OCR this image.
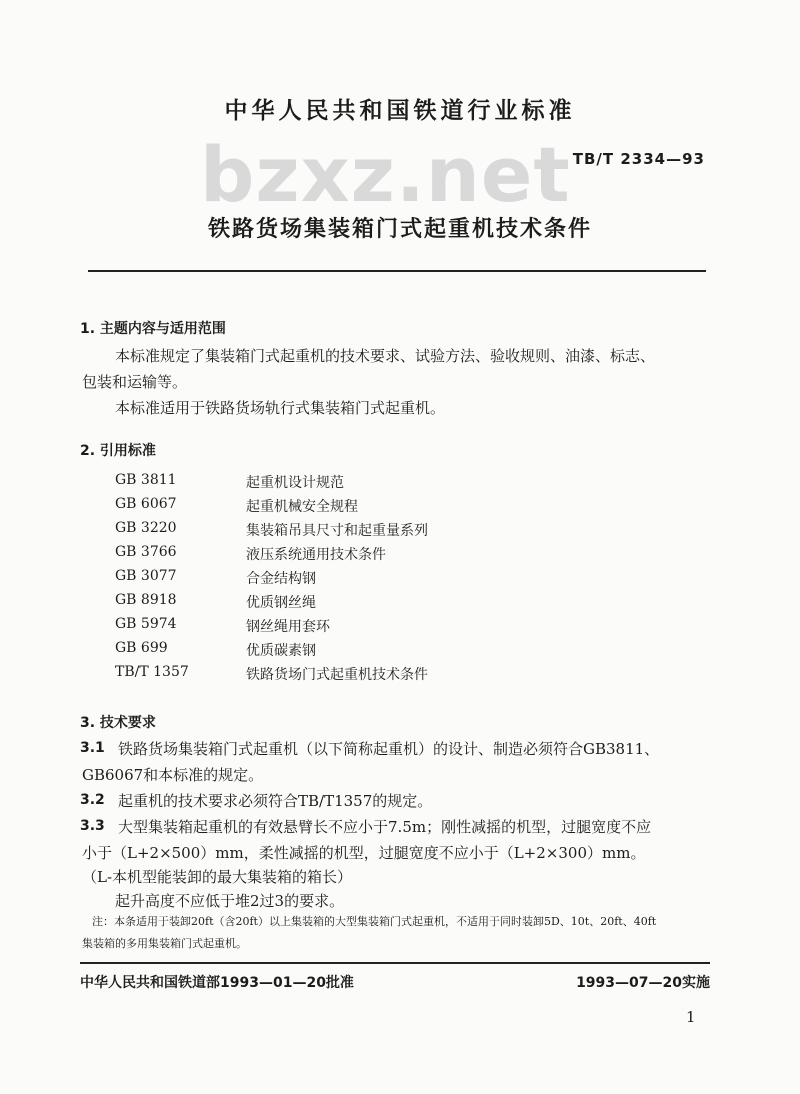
中华人民共和国铁道行业标准
bzxz.net TB/T 2334—93
铁路货场集装箱门式起重机技术条件
1. 主题内容与适用范围
本标准规定了集装箱门式起重机的技术要求、试验方法、验收规则、油漆、标志、
包装和运输等。
本标准适用于铁路货场轨行式集装箱门式起重机。
2. 引用标准
GB 3811	起重机设计规范
GB 6067	起重机械安全规程
GB 3220	集装箱吊具尺寸和起重量系列
GB 3766	液压系统通用技术条件
GB 3077	合金结构钢
GB 8918	优质钢丝绳
GB 5974	钢丝绳用套环
GB 699	优质碳素钢
TB/T 1357	铁路货场门式起重机技术条件
3. 技术要求
3.1 铁路货场集装箱门式起重机（以下简称起重机）的设计、制造必须符合GB3811、
GB6067和本标准的规定。
3.2 起重机的技术要求必须符合TB/T1357的规定。
3.3 大型集装箱起重机的有效悬臂长不应小于7.5m；刚性减摇的机型，过腿宽度不应
小于（L+2×500）mm，柔性减摇的机型，过腿宽度不应小于（L+2×300）mm。
（L-本机型能装卸的最大集装箱的箱长）
起升高度不应低于堆2过3的要求。
注：本条适用于装卸20ft（含20ft）以上集装箱的大型集装箱门式起重机，不适用于同时装卸5D、10t、20ft、40ft
集装箱的多用集装箱门式起重机。
中华人民共和国铁道部1993—01—20批准	1993—07—20实施
1
